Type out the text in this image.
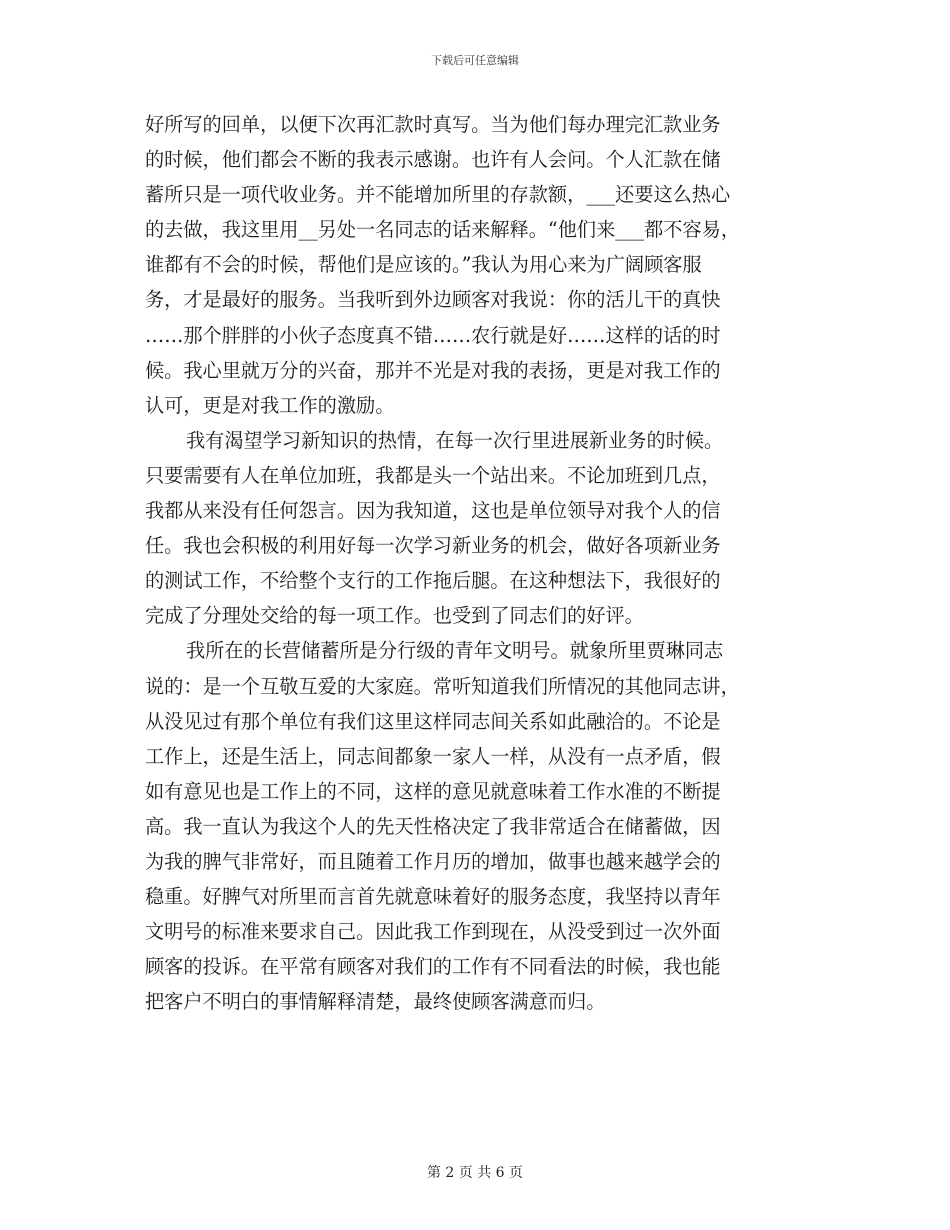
下载后可任意编辑
好所写的回单，以便下次再汇款时真写。当为他们每办理完汇款业务
的时候，他们都会不断的我表示感谢。也许有人会问。个人汇款在储
蓄所只是一项代收业务。并不能增加所里的存款额，___还要这么热心
的去做，我这里用__另处一名同志的话来解释。“他们来___都不容易，
谁都有不会的时候，帮他们是应该的。”我认为用心来为广阔顾客服
务，才是最好的服务。当我听到外边顾客对我说：你的活儿干的真快
……那个胖胖的小伙子态度真不错……农行就是好……这样的话的时
候。我心里就万分的兴奋，那并不光是对我的表扬，更是对我工作的
认可，更是对我工作的激励。
我有渴望学习新知识的热情，在每一次行里进展新业务的时候。
只要需要有人在单位加班，我都是头一个站出来。不论加班到几点，
我都从来没有任何怨言。因为我知道，这也是单位领导对我个人的信
任。我也会积极的利用好每一次学习新业务的机会，做好各项新业务
的测试工作，不给整个支行的工作拖后腿。在这种想法下，我很好的
完成了分理处交给的每一项工作。也受到了同志们的好评。
我所在的长营储蓄所是分行级的青年文明号。就象所里贾琳同志
说的：是一个互敬互爱的大家庭。常听知道我们所情况的其他同志讲，
从没见过有那个单位有我们这里这样同志间关系如此融洽的。不论是
工作上，还是生活上，同志间都象一家人一样，从没有一点矛盾，假
如有意见也是工作上的不同，这样的意见就意味着工作水准的不断提
高。我一直认为我这个人的先天性格决定了我非常适合在储蓄做，因
为我的脾气非常好，而且随着工作月历的增加，做事也越来越学会的
稳重。好脾气对所里而言首先就意味着好的服务态度，我坚持以青年
文明号的标准来要求自己。因此我工作到现在，从没受到过一次外面
顾客的投诉。在平常有顾客对我们的工作有不同看法的时候，我也能
把客户不明白的事情解释清楚，最终使顾客满意而归。
第 2 页 共 6 页
